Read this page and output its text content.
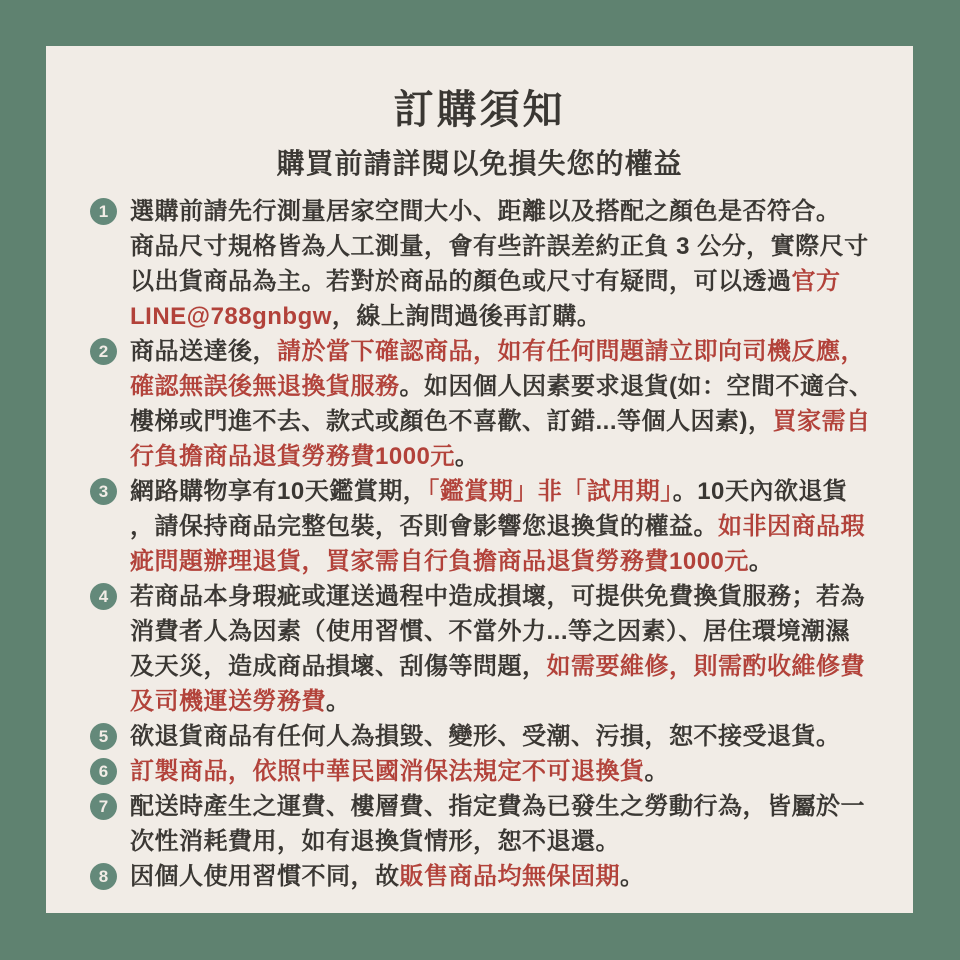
訂購須知
購買前請詳閱以免損失您的權益
1 選購前請先行測量居家空間大小、距離以及搭配之顏色是否符合。
商品尺寸規格皆為人工測量，會有些許誤差約正負 3 公分，實際尺寸
以出貨商品為主。若對於商品的顏色或尺寸有疑問，可以透過官方
LINE@788gnbgw，線上詢問過後再訂購。
2 商品送達後，請於當下確認商品，如有任何問題請立即向司機反應，
確認無誤後無退換貨服務。如因個人因素要求退貨(如：空間不適合、
樓梯或門進不去、款式或顏色不喜歡、訂錯...等個人因素)，買家需自
行負擔商品退貨勞務費1000元。
3 網路購物享有10天鑑賞期，「鑑賞期」非「試用期」。10天內欲退貨
，請保持商品完整包裝，否則會影響您退換貨的權益。如非因商品瑕
疵問題辦理退貨，買家需自行負擔商品退貨勞務費1000元。
4 若商品本身瑕疵或運送過程中造成損壞，可提供免費換貨服務；若為
消費者人為因素（使用習慣、不當外力...等之因素）、居住環境潮濕
及天災，造成商品損壞、刮傷等問題，如需要維修，則需酌收維修費
及司機運送勞務費。
5 欲退貨商品有任何人為損毀、變形、受潮、污損，恕不接受退貨。
6 訂製商品，依照中華民國消保法規定不可退換貨。
7 配送時產生之運費、樓層費、指定費為已發生之勞動行為，皆屬於一
次性消耗費用，如有退換貨情形，恕不退還。
8 因個人使用習慣不同，故販售商品均無保固期。
